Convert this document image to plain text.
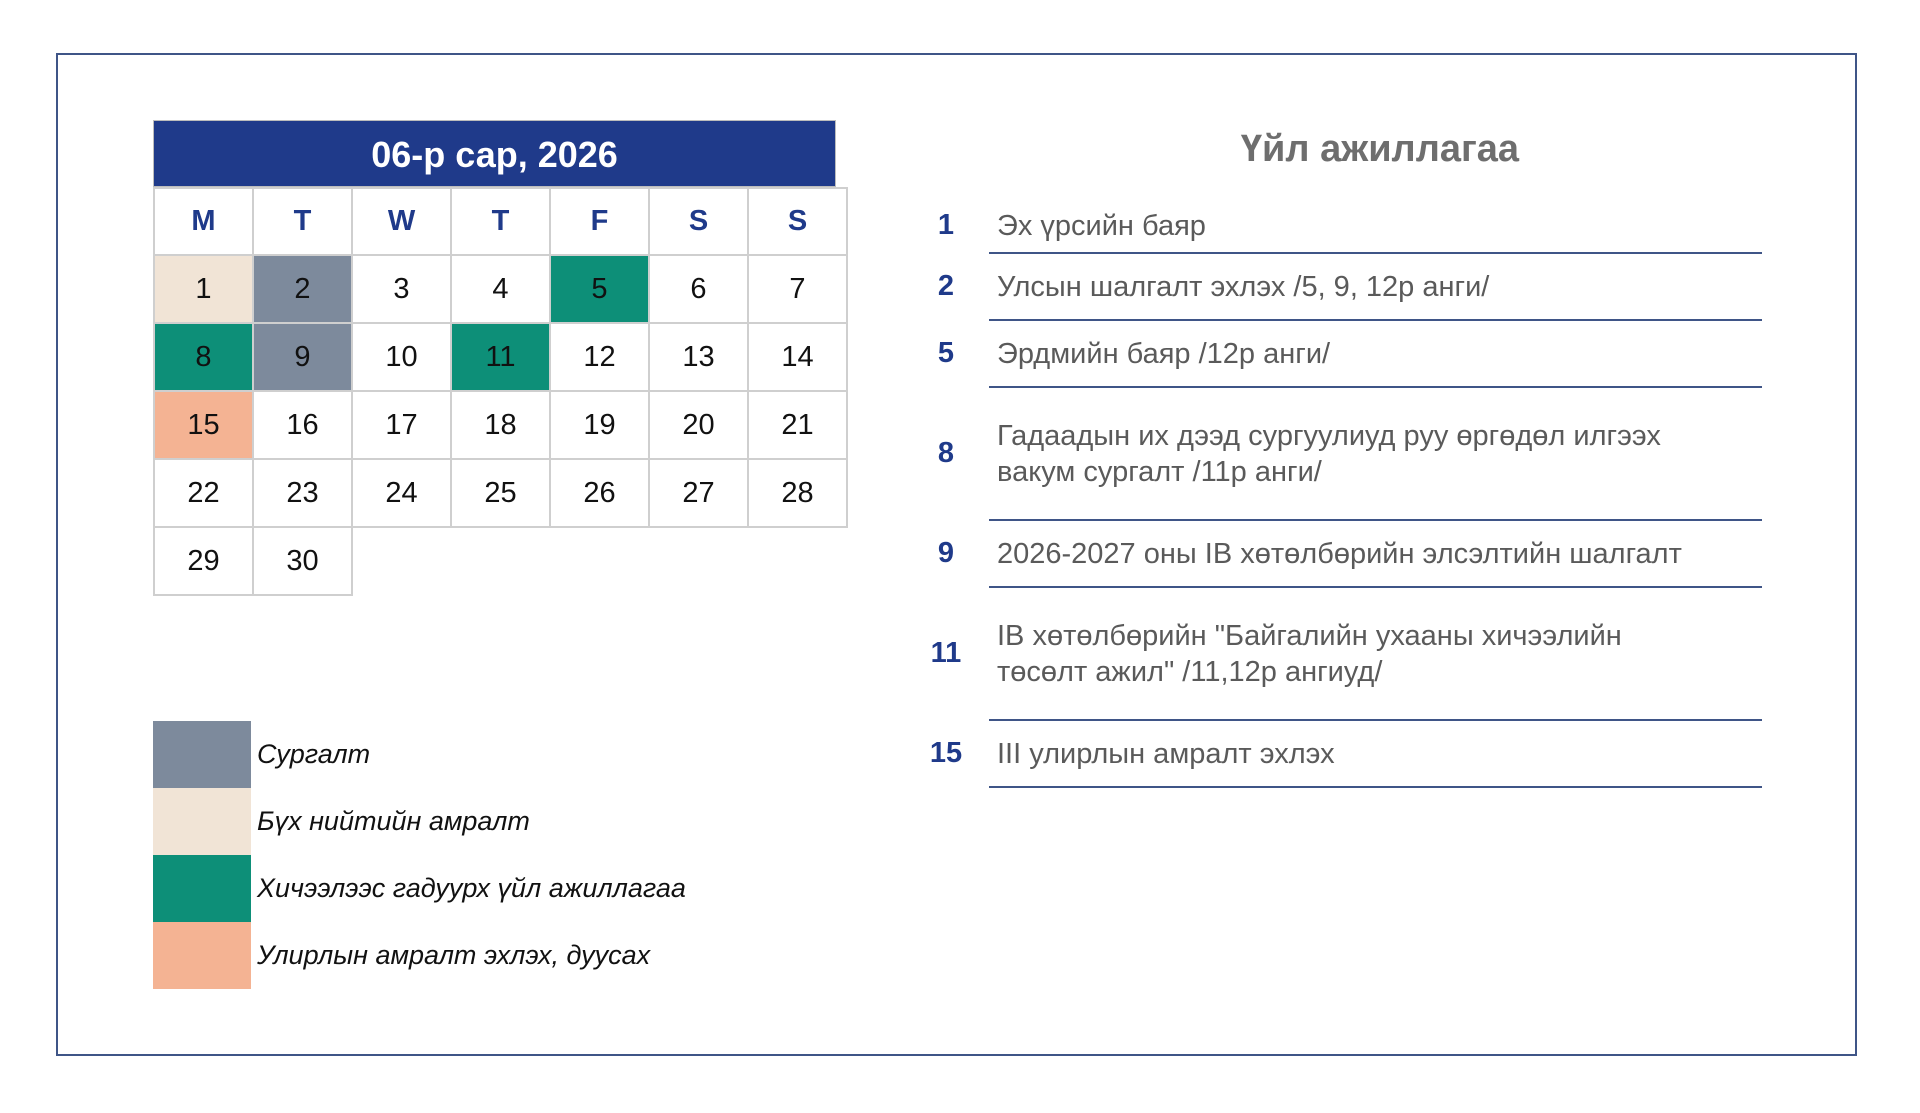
06-р сар, 2026
M	T	W	T	F	S	S
1	2	3	4	5	6	7
8	9	10	11	12	13	14
15	16	17	18	19	20	21
22	23	24	25	26	27	28
29	30					
Сургалт
Бүх нийтийн амралт
Хичээлээс гадуурх үйл ажиллагаа
Улирлын амралт эхлэх, дуусах
Үйл ажиллагаа
1	Эх үрсийн баяр
2	Улсын шалгалт эхлэх /5, 9, 12р анги/
5	Эрдмийн баяр /12р анги/
8
Гадаадын их дээд сургуулиуд руу өргөдөл илгээх
вакум сургалт /11р анги/
9	2026-2027 оны IB хөтөлбөрийн элсэлтийн шалгалт
11
IB хөтөлбөрийн "Байгалийн ухааны хичээлийн
төсөлт ажил" /11,12р ангиуд/
15	III улирлын амралт эхлэх
